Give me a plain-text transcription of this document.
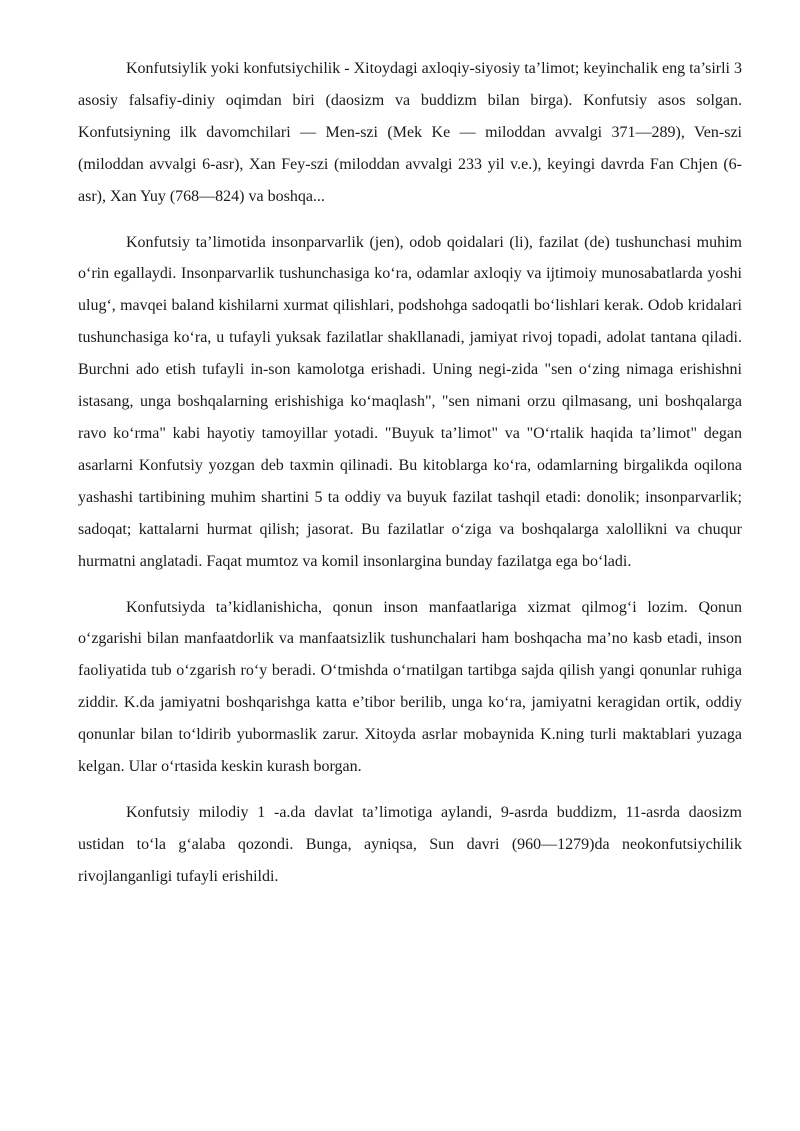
Konfutsiylik yoki konfutsiychilik - Xitoydagi axloqiy-siyosiy ta’limot; keyinchalik eng ta’sirli 3 asosiy falsafiy-diniy oqimdan biri (daosizm va buddizm bilan birga). Konfutsiy asos solgan. Konfutsiyning ilk davomchilari — Men-szi (Mek Ke — miloddan avvalgi 371—289), Ven-szi (miloddan avvalgi 6-asr), Xan Fey-szi (miloddan avvalgi 233 yil v.e.), keyingi davrda Fan Chjen (6-asr), Xan Yuy (768—824) va boshqa...

Konfutsiy ta’limotida insonparvarlik (jen), odob qoidalari (li), fazilat (de) tushunchasi muhim o‘rin egallaydi. Insonparvarlik tushunchasiga ko‘ra, odamlar axloqiy va ijtimoiy munosabatlarda yoshi ulug‘, mavqei baland kishilarni xurmat qilishlari, podshohga sadoqatli bo‘lishlari kerak. Odob kridalari tushunchasiga ko‘ra, u tufayli yuksak fazilatlar shakllanadi, jamiyat rivoj topadi, adolat tantana qiladi. Burchni ado etish tufayli in-son kamolotga erishadi. Uning negi-zida "sen o‘zing nimaga erishishni istasang, unga boshqalarning erishishiga ko‘maqlash", "sen nimani orzu qilmasang, uni boshqalarga ravo ko‘rma" kabi hayotiy tamoyillar yotadi. "Buyuk ta’limot" va "O‘rtalik haqida ta’limot" degan asarlarni Konfutsiy yozgan deb taxmin qilinadi. Bu kitoblarga ko‘ra, odamlarning birgalikda oqilona yashashi tartibining muhim shartini 5 ta oddiy va buyuk fazilat tashqil etadi: donolik; insonparvarlik; sadoqat; kattalarni hurmat qilish; jasorat. Bu fazilatlar o‘ziga va boshqalarga xalollikni va chuqur hurmatni anglatadi. Faqat mumtoz va komil insonlargina bunday fazilatga ega bo‘ladi.

Konfutsiyda ta’kidlanishicha, qonun inson manfaatlariga xizmat qilmog‘i lozim. Qonun o‘zgarishi bilan manfaatdorlik va manfaatsizlik tushunchalari ham boshqacha ma’no kasb etadi, inson faoliyatida tub o‘zgarish ro‘y beradi. O‘tmishda o‘rnatilgan tartibga sajda qilish yangi qonunlar ruhiga ziddir. K.da jamiyatni boshqarishga katta e’tibor berilib, unga ko‘ra, jamiyatni keragidan ortik, oddiy qonunlar bilan to‘ldirib yubormaslik zarur. Xitoyda asrlar mobaynida K.ning turli maktablari yuzaga kelgan. Ular o‘rtasida keskin kurash borgan.

Konfutsiy milodiy 1 -a.da davlat ta’limotiga aylandi, 9-asrda buddizm, 11-asrda daosizm ustidan to‘la g‘alaba qozondi. Bunga, ayniqsa, Sun davri (960—1279)da neokonfutsiychilik rivojlanganligi tufayli erishildi.
